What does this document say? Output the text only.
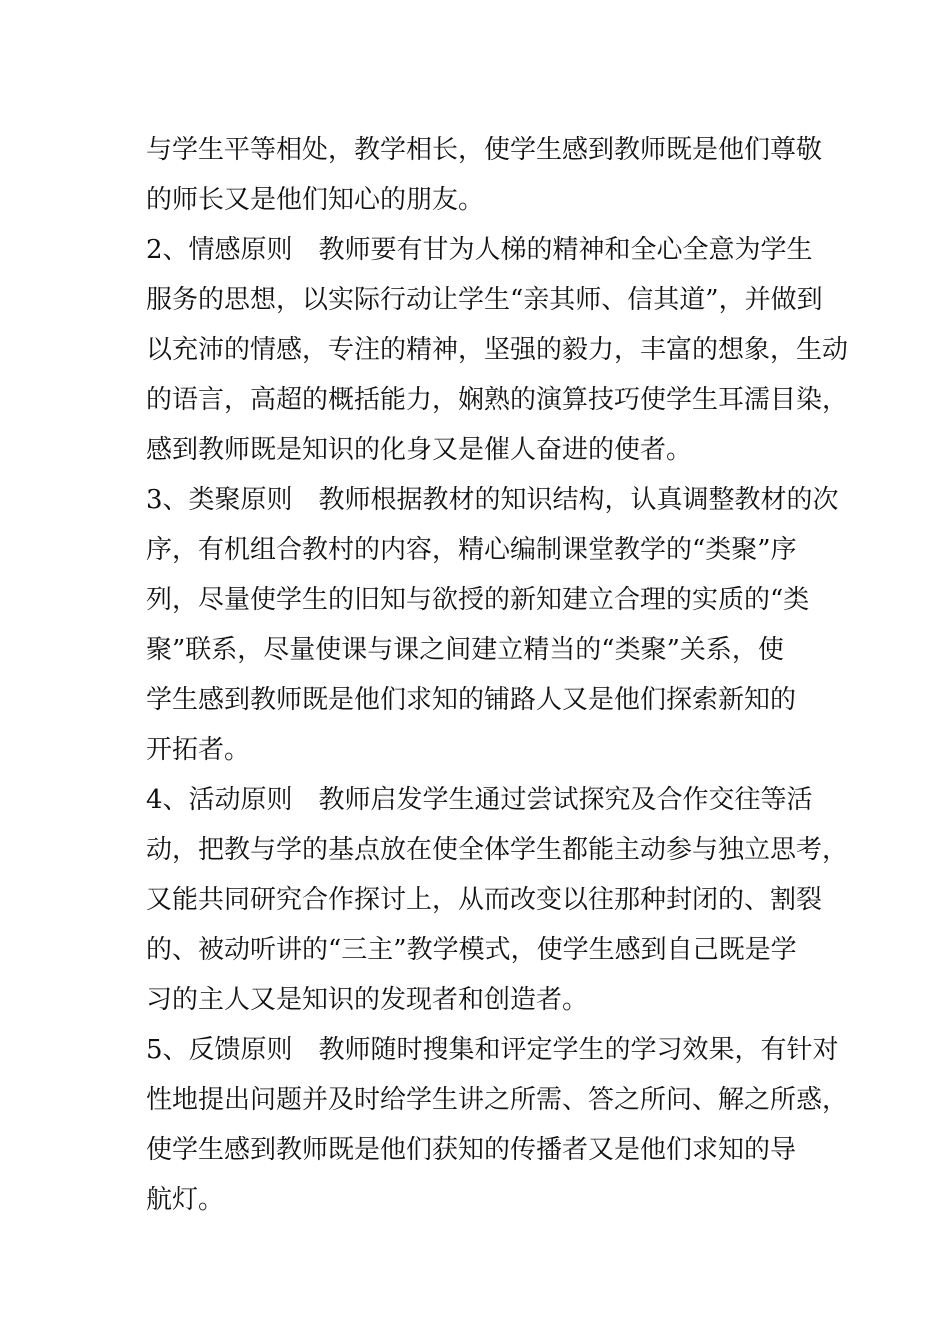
与学生平等相处，教学相长，使学生感到教师既是他们尊敬
的师长又是他们知心的朋友。
2、情感原则　教师要有甘为人梯的精神和全心全意为学生
服务的思想，以实际行动让学生“亲其师、信其道”，并做到
以充沛的情感，专注的精神，坚强的毅力，丰富的想象，生动
的语言，高超的概括能力，娴熟的演算技巧使学生耳濡目染，
感到教师既是知识的化身又是催人奋进的使者。
3、类聚原则　教师根据教材的知识结构，认真调整教材的次
序，有机组合教村的内容，精心编制课堂教学的“类聚”序
列，尽量使学生的旧知与欲授的新知建立合理的实质的“类
聚”联系，尽量使课与课之间建立精当的“类聚”关系，使
学生感到教师既是他们求知的铺路人又是他们探索新知的
开拓者。
4、活动原则　教师启发学生通过尝试探究及合作交往等活
动，把教与学的基点放在使全体学生都能主动参与独立思考，
又能共同研究合作探讨上，从而改变以往那种封闭的、割裂
的、被动听讲的“三主”教学模式，使学生感到自己既是学
习的主人又是知识的发现者和创造者。
5、反馈原则　教师随时搜集和评定学生的学习效果，有针对
性地提出问题并及时给学生讲之所需、答之所问、解之所惑，
使学生感到教师既是他们获知的传播者又是他们求知的导
航灯。
